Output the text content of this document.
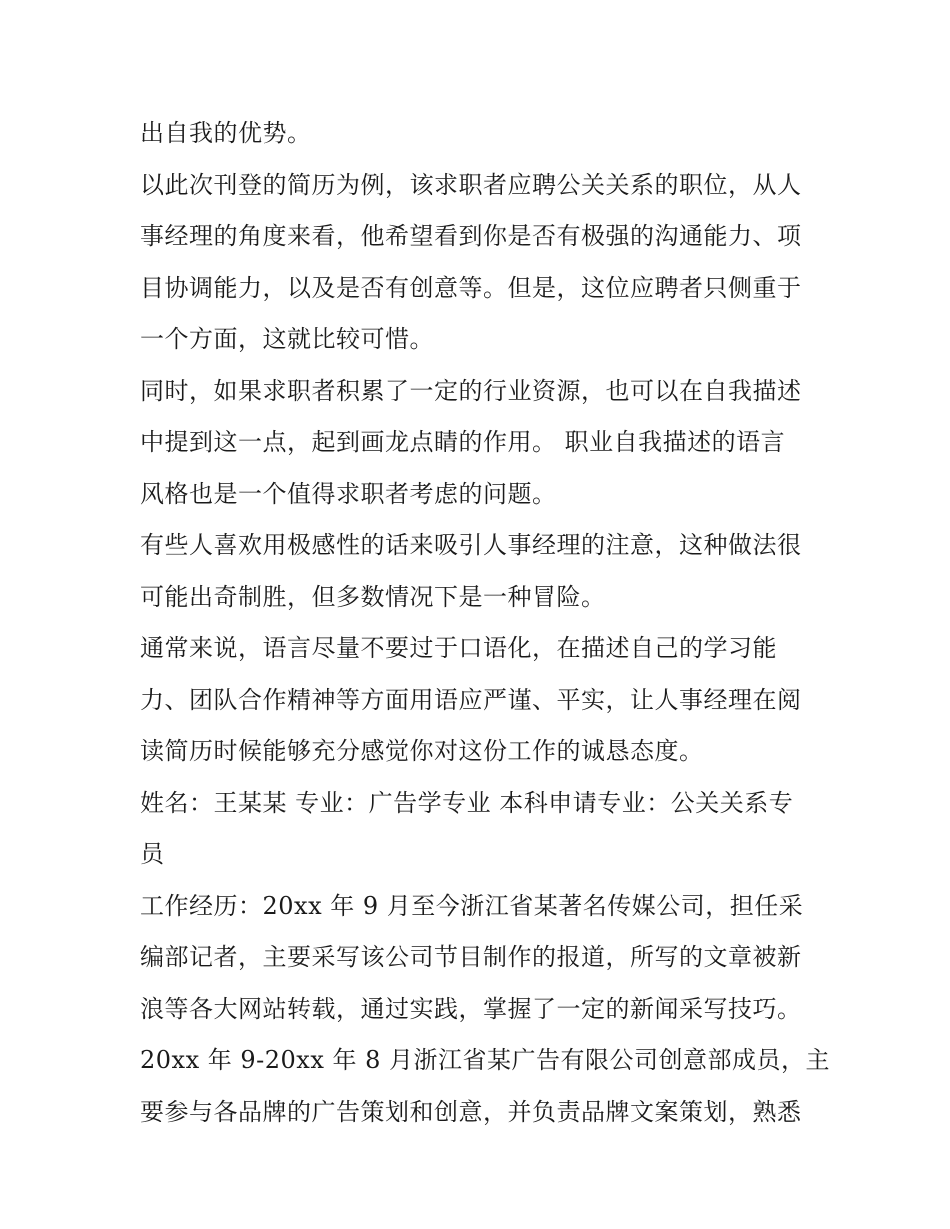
出自我的优势。
以此次刊登的简历为例，该求职者应聘公关关系的职位，从人
事经理的角度来看，他希望看到你是否有极强的沟通能力、项
目协调能力，以及是否有创意等。但是，这位应聘者只侧重于
一个方面，这就比较可惜。
同时，如果求职者积累了一定的行业资源，也可以在自我描述
中提到这一点，起到画龙点睛的作用。 职业自我描述的语言
风格也是一个值得求职者考虑的问题。
有些人喜欢用极感性的话来吸引人事经理的注意，这种做法很
可能出奇制胜，但多数情况下是一种冒险。
通常来说，语言尽量不要过于口语化，在描述自己的学习能
力、团队合作精神等方面用语应严谨、平实，让人事经理在阅
读简历时候能够充分感觉你对这份工作的诚恳态度。
姓名：王某某 专业：广告学专业 本科申请专业：公关关系专
员
工作经历：20xx 年 9 月至今浙江省某著名传媒公司，担任采
编部记者，主要采写该公司节目制作的报道，所写的文章被新
浪等各大网站转载，通过实践，掌握了一定的新闻采写技巧。
20xx 年 9-20xx 年 8 月浙江省某广告有限公司创意部成员，主
要参与各品牌的广告策划和创意，并负责品牌文案策划，熟悉
